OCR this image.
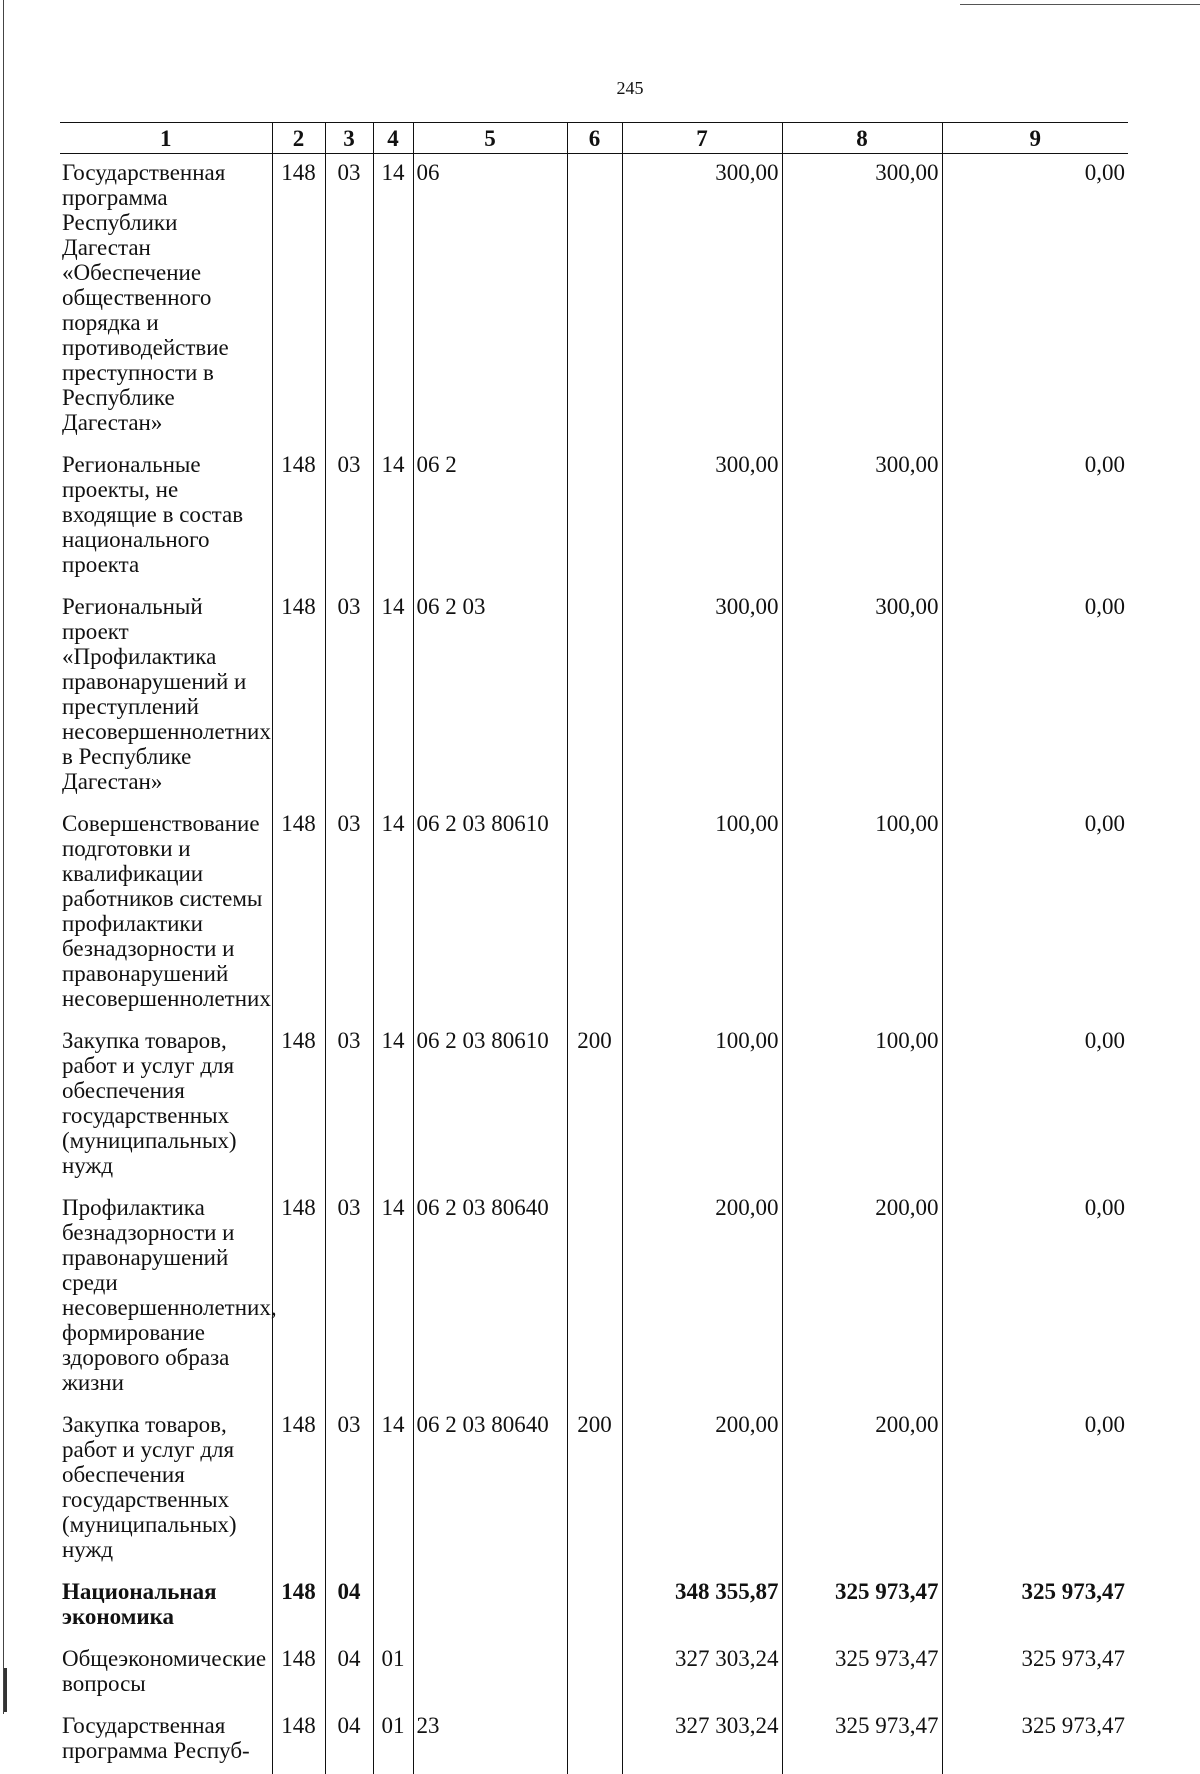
245
1	2	3	4	5	6	7	8	9
Государственная программа Республики Дагестан «Обеспечение общественного порядка и противодействие преступности в Республике Дагестан»	148	03	14	06		300,00	300,00	0,00
Региональные проекты, не входящие в состав национального проекта	148	03	14	06 2		300,00	300,00	0,00
Региональный проект «Профилактика правонарушений и преступлений несовершеннолетних в Республике Дагестан»	148	03	14	06 2 03		300,00	300,00	0,00
Совершенствование подготовки и квалификации работников системы профилактики безнадзорности и правонарушений несовершеннолетних	148	03	14	06 2 03 80610		100,00	100,00	0,00
Закупка товаров, работ и услуг для обеспечения государственных (муниципальных) нужд	148	03	14	06 2 03 80610	200	100,00	100,00	0,00
Профилактика безнадзорности и правонарушений среди несовершеннолетних, формирование здорового образа жизни	148	03	14	06 2 03 80640		200,00	200,00	0,00
Закупка товаров, работ и услуг для обеспечения государственных (муниципальных) нужд	148	03	14	06 2 03 80640	200	200,00	200,00	0,00
Национальная экономика	148	04				348 355,87	325 973,47	325 973,47
Общеэкономические вопросы	148	04	01			327 303,24	325 973,47	325 973,47
Государственная программа Респуб-	148	04	01	23		327 303,24	325 973,47	325 973,47
